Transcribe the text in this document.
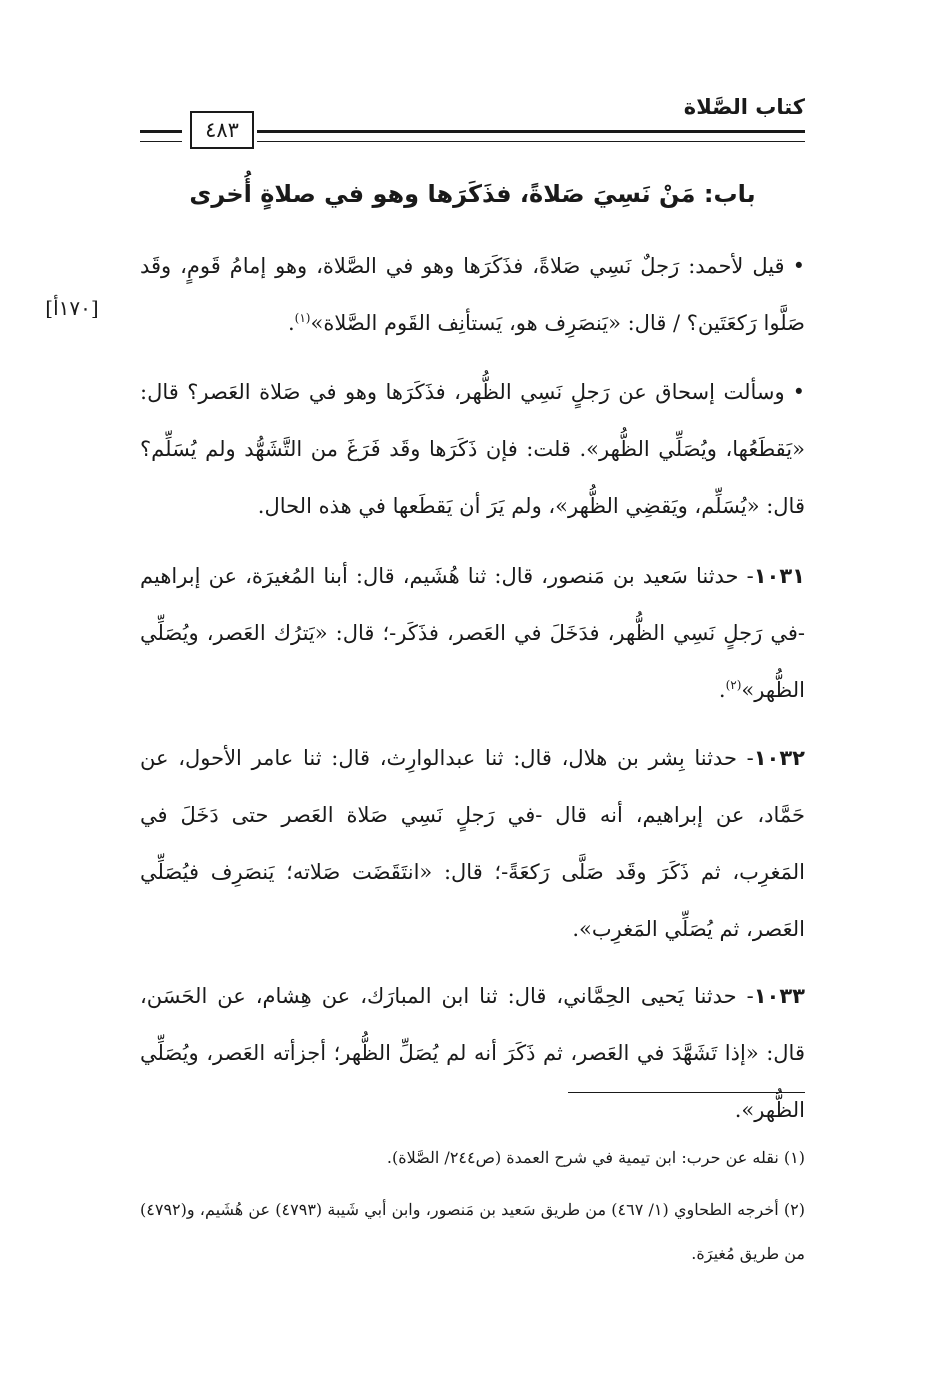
كتاب الصَّلاة
٤٨٣
باب: مَنْ نَسِيَ صَلاةً، فذَكَرَها وهو في صلاةٍ أُخرى
•قيل لأحمد: رَجلٌ نَسِي صَلاةً، فذَكَرَها وهو في الصَّلاة، وهو إمامُ قَومٍ، وقَد صَلَّوا رَكعَتَين؟ / قال: «يَنصَرِف هو، يَستأنِف القَوم الصَّلاة»$^{(١)}$.
[١٧٠أ]
•وسألت إسحاق عن رَجلٍ نَسِي الظُّهر، فذَكَرَها وهو في صَلاة العَصر؟ قال: «يَقطَعُها، ويُصَلِّي الظُّهر». قلت: فإن ذَكَرَها وقَد فَرَغَ من التَّشَهُّد ولم يُسَلِّم؟ قال: «يُسَلِّم، ويَقضِي الظُّهر»، ولم يَرَ أن يَقطَعها في هذه الحال.
١٠٣١- حدثنا سَعيد بن مَنصور، قال: ثنا هُشَيم، قال: أبنا المُغيرَة، عن إبراهيم -في رَجلٍ نَسِي الظُّهر، فدَخَلَ في العَصر، فذَكَر-؛ قال: «يَترُك العَصر، ويُصَلِّي الظُّهر»$^{(٢)}$.
١٠٣٢- حدثنا بِشر بن هلال، قال: ثنا عبدالوارِث، قال: ثنا عامر الأحول، عن حَمَّاد، عن إبراهيم، أنه قال -في رَجلٍ نَسِي صَلاة العَصر حتى دَخَلَ في المَغرِب، ثم ذَكَرَ وقَد صَلَّى رَكعَةً-؛ قال: «انتَقَضَت صَلاته؛ يَنصَرِف فيُصَلِّي العَصر، ثم يُصَلِّي المَغرِب».
١٠٣٣- حدثنا يَحيى الحِمَّاني، قال: ثنا ابن المبارَك، عن هِشام، عن الحَسَن، قال: «إذا تَشَهَّدَ في العَصر، ثم ذَكَرَ أنه لم يُصَلِّ الظُّهر؛ أجزأته العَصر، ويُصَلِّي الظُّهر».
(١) نقله عن حرب: ابن تيمية في شرح العمدة (ص٢٤٤/ الصَّلاة).
(٢) أخرجه الطحاوي (١/ ٤٦٧) من طريق سَعيد بن مَنصور، وابن أبي شَيبة (٤٧٩٣) عن هُشَيم، و(٤٧٩٢) من طريق مُغيرَة.
